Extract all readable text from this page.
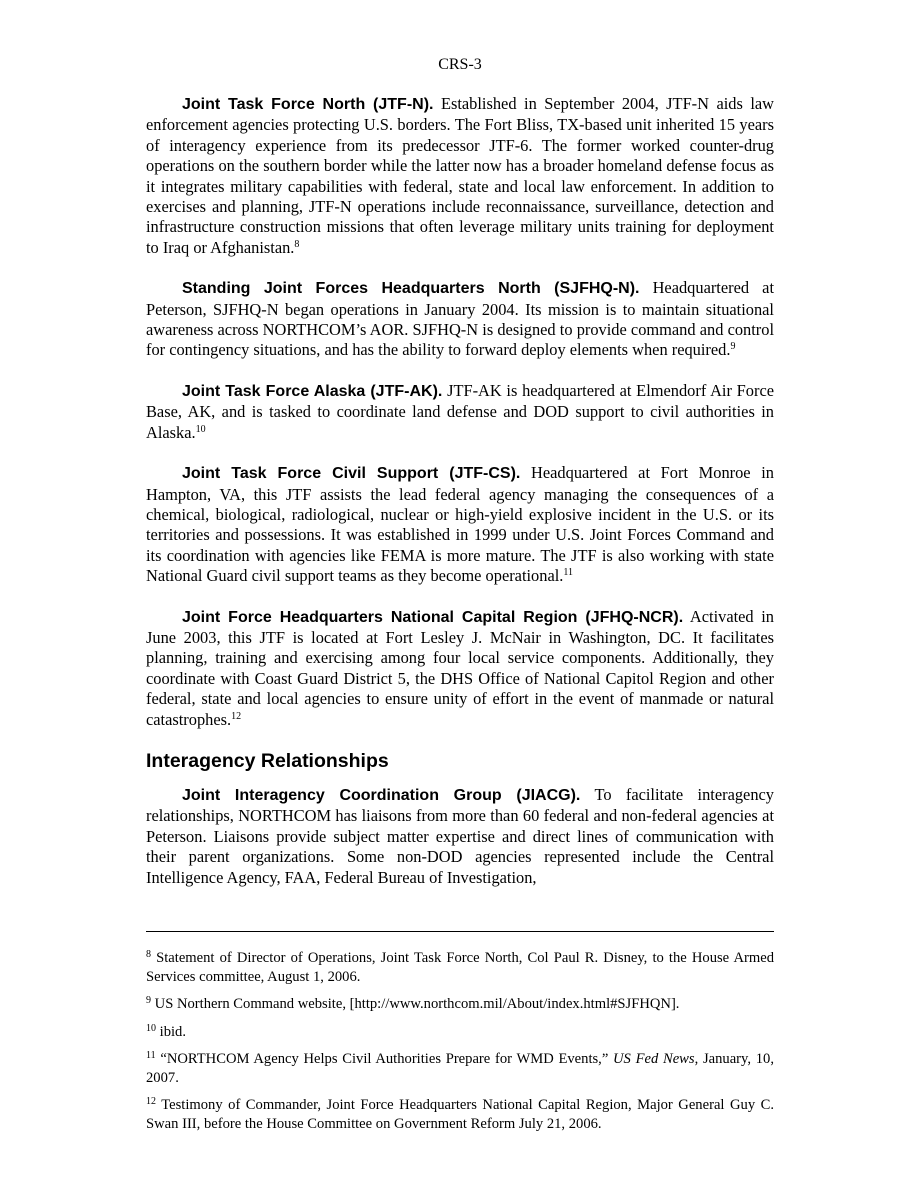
CRS-3

Joint Task Force North (JTF-N). Established in September 2004, JTF-N aids law enforcement agencies protecting U.S. borders. The Fort Bliss, TX-based unit inherited 15 years of interagency experience from its predecessor JTF-6. The former worked counter-drug operations on the southern border while the latter now has a broader homeland defense focus as it integrates military capabilities with federal, state and local law enforcement. In addition to exercises and planning, JTF-N operations include reconnaissance, surveillance, detection and infrastructure construction missions that often leverage military units training for deployment to Iraq or Afghanistan.$^8$

Standing Joint Forces Headquarters North (SJFHQ-N). Headquartered at Peterson, SJFHQ-N began operations in January 2004. Its mission is to maintain situational awareness across NORTHCOM’s AOR. SJFHQ-N is designed to provide command and control for contingency situations, and has the ability to forward deploy elements when required.$^9$

Joint Task Force Alaska (JTF-AK). JTF-AK is headquartered at Elmendorf Air Force Base, AK, and is tasked to coordinate land defense and DOD support to civil authorities in Alaska.$^{10}$

Joint Task Force Civil Support (JTF-CS). Headquartered at Fort Monroe in Hampton, VA, this JTF assists the lead federal agency managing the consequences of a chemical, biological, radiological, nuclear or high-yield explosive incident in the U.S. or its territories and possessions. It was established in 1999 under U.S. Joint Forces Command and its coordination with agencies like FEMA is more mature. The JTF is also working with state National Guard civil support teams as they become operational.$^{11}$

Joint Force Headquarters National Capital Region (JFHQ-NCR). Activated in June 2003, this JTF is located at Fort Lesley J. McNair in Washington, DC. It facilitates planning, training and exercising among four local service components. Additionally, they coordinate with Coast Guard District 5, the DHS Office of National Capitol Region and other federal, state and local agencies to ensure unity of effort in the event of manmade or natural catastrophes.$^{12}$

Interagency Relationships

Joint Interagency Coordination Group (JIACG). To facilitate interagency relationships, NORTHCOM has liaisons from more than 60 federal and non-federal agencies at Peterson. Liaisons provide subject matter expertise and direct lines of communication with their parent organizations. Some non-DOD agencies represented include the Central Intelligence Agency, FAA, Federal Bureau of Investigation,

$^8$ Statement of Director of Operations, Joint Task Force North, Col Paul R. Disney, to the House Armed Services committee, August 1, 2006.

$^9$ US Northern Command website, [http://www.northcom.mil/About/index.html#SJFHQN].

$^{10}$ ibid.

$^{11}$ “NORTHCOM Agency Helps Civil Authorities Prepare for WMD Events,” US Fed News, January, 10, 2007.

$^{12}$ Testimony of Commander, Joint Force Headquarters National Capital Region, Major General Guy C. Swan III, before the House Committee on Government Reform July 21, 2006.
